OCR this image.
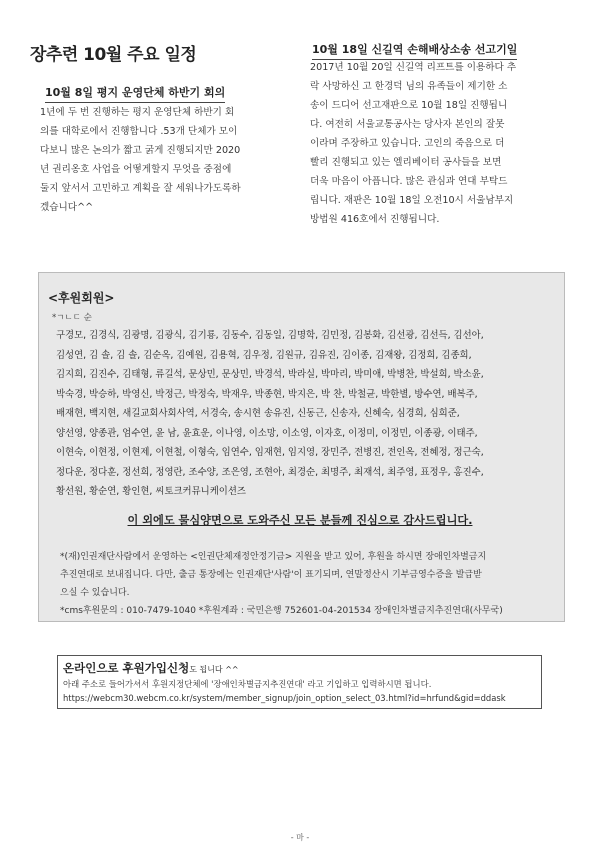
장추련 10월 주요 일정
10월 8일 평지 운영단체 하반기 회의
1년에 두 번 진행하는 평지 운영단체 하반기 회
의를 대학로에서 진행합니다 .53개 단체가 모이
다보니 많은 논의가 짧고 굵게 진행되지만 2020
년 권리옹호 사업을 어떻게할지 무엇을 중점에
둘지 앞서서 고민하고 계획을 잘 세워나가도록하
겠습니다^^
10월 18일 신길역 손해배상소송 선고기일
2017년 10월 20일 신길역 리프트를 이용하다 추
락 사망하신 고 한경덕 님의 유족들이 제기한 소
송이 드디어 선고재판으로 10월 18일 진행됩니
다. 여전히 서울교통공사는 당사자 본인의 잘못
이라며 주장하고 있습니다. 고인의 죽음으로 더
빨리 진행되고 있는 엘리베이터 공사들을 보면
더욱 마음이 아픕니다. 많은 관심과 연대 부탁드
립니다. 재판은 10월 18일 오전10시 서울남부지
방법원 416호에서 진행됩니다.
<후원회원>
*ㄱㄴㄷ 순
구경모, 김경식, 김광명, 김광식, 김기룡, 김동수, 김동일, 김명학, 김민정, 김봉화, 김선광, 김선득, 김선아,
김성연, 김 솔, 김 솔, 김순옥, 김예원, 김용혁, 김우정, 김원규, 김유진, 김이종, 김재왕, 김정희, 김종희,
김지희, 김진수, 김태형, 류길석, 문상민, 문상민, 박경석, 박라실, 박마리, 박미애, 박병찬, 박설희, 박소윤,
박숙경, 박승하, 박영신, 박정근, 박정숙, 박재우, 박종현, 박지은, 박 찬, 박철균, 박한별, 방수연, 배복주,
배재현, 백지현, 새길교회사회사역, 서경숙, 송시현 송유진, 신동근, 신송자, 신혜숙, 심경희, 심희준,
양선영, 양종관, 엄수연, 윤 남, 윤효운, 이나영, 이소망, 이소영, 이자호, 이정미, 이정민, 이종광, 이태주,
이현숙, 이현정, 이현제, 이현철, 이형숙, 임연수, 임재현, 임지영, 장민주, 전병진, 전인옥, 전혜정, 정근숙,
정다운, 정다훈, 정선희, 정영란, 조수양, 조은영, 조현아, 최경순, 최명주, 최재석, 최주영, 표정우, 홍진수,
황선원, 황순연, 황인현, 씨토크커뮤니케이션즈
이 외에도 물심양면으로 도와주신 모든 분들께 진심으로 감사드립니다.
*(재)인권재단사람에서 운영하는 <인권단체재정안정기금> 지원을 받고 있어, 후원을 하시면 장애인차별금지
추진연대로 보내집니다. 다만, 출금 통장에는 인권재단'사람'이 표기되며, 연말정산시 기부금영수증을 발급받
으실 수 있습니다.
*cms후원문의 : 010-7479-1040 *후원계좌 : 국민은행 752601-04-201534 장애인차별금지추진연대(사무국)
온라인으로 후원가입신청도 됩니다 ^^
아래 주소로 들어가셔서 후원지정단체에 '장애인차별금지추진연대' 라고 기입하고 입력하시면 됩니다.
https://webcm30.webcm.co.kr/system/member_signup/join_option_select_03.html?id=hrfund&gid=ddask
- 마 -
